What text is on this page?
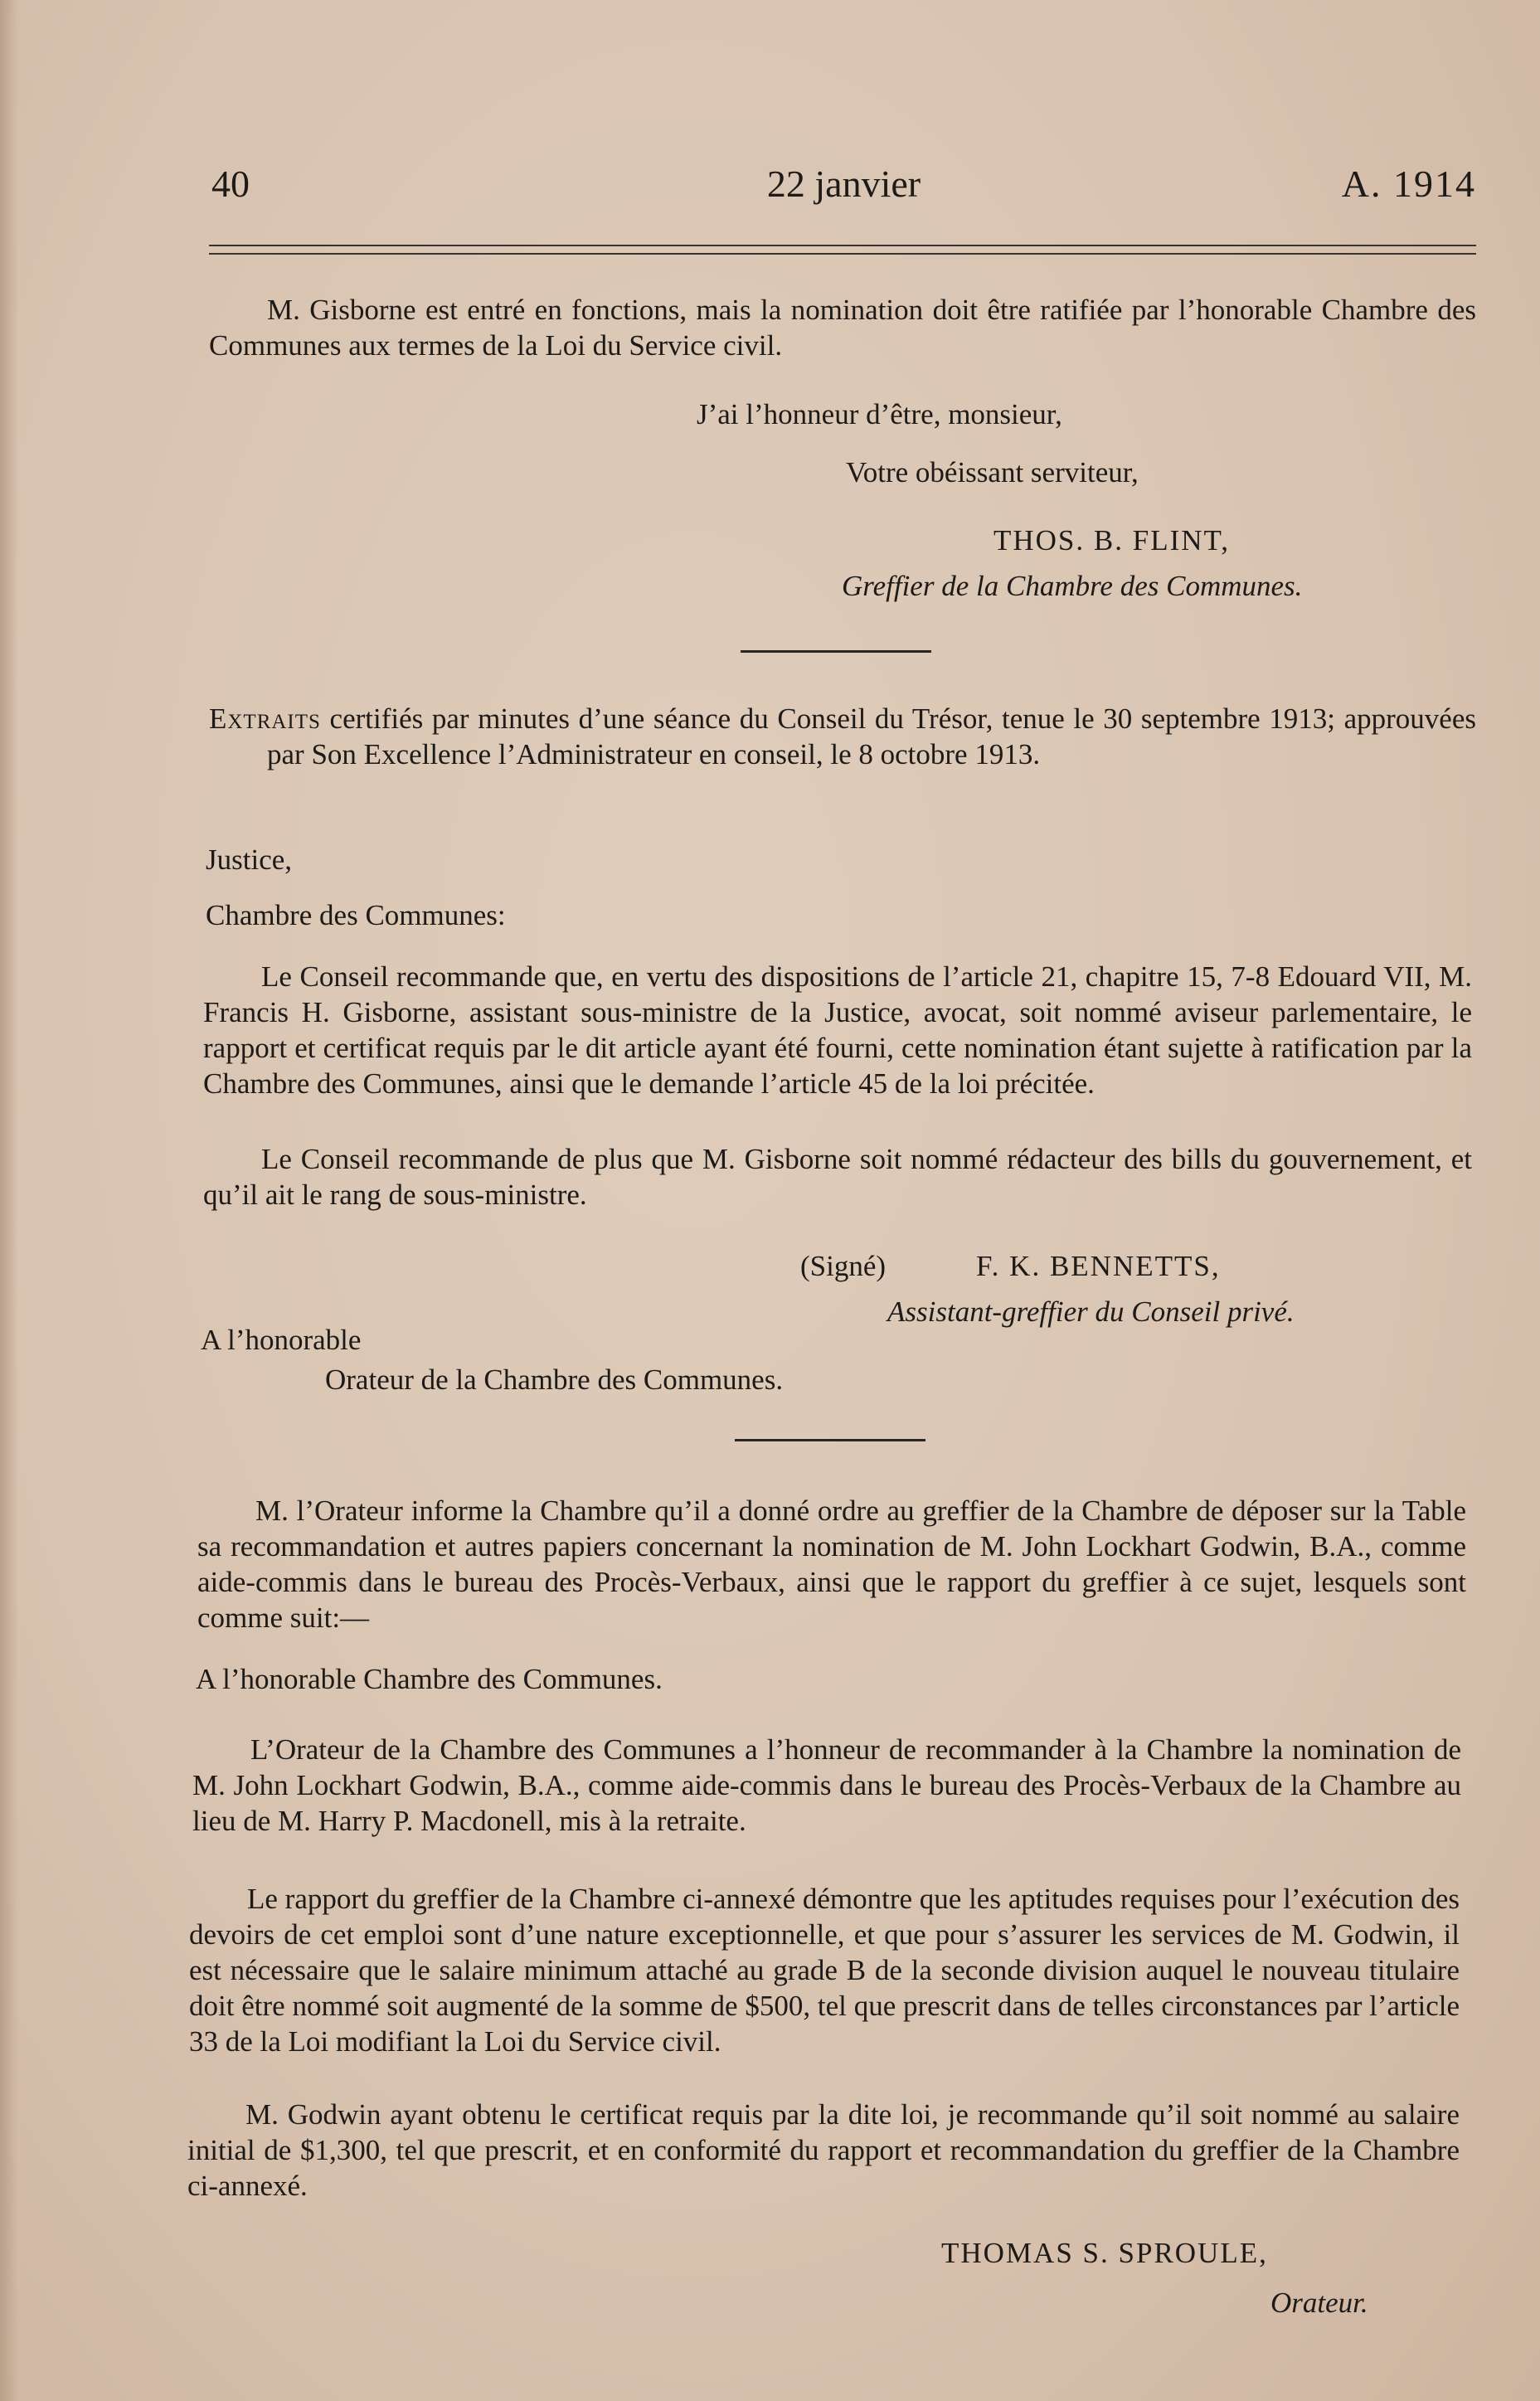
40	22 janvier	A. 1914
M. Gisborne est entré en fonctions, mais la nomination doit être ratifiée par l’honorable Chambre des Communes aux termes de la Loi du Service civil.
J’ai l’honneur d’être, monsieur,
Votre obéissant serviteur,
THOS. B. FLINT,
Greffier de la Chambre des Communes.
Extraits certifiés par minutes d’une séance du Conseil du Trésor, tenue le 30 septembre 1913; approuvées par Son Excellence l’Administrateur en conseil, le 8 octobre 1913.
Justice,
Chambre des Communes:
Le Conseil recommande que, en vertu des dispositions de l’article 21, chapitre 15, 7-8 Edouard VII, M. Francis H. Gisborne, assistant sous-ministre de la Justice, avocat, soit nommé aviseur parlementaire, le rapport et certificat requis par le dit article ayant été fourni, cette nomination étant sujette à ratification par la Chambre des Communes, ainsi que le demande l’article 45 de la loi précitée.
Le Conseil recommande de plus que M. Gisborne soit nommé rédacteur des bills du gouvernement, et qu’il ait le rang de sous-ministre.
(Signé)	F. K. BENNETTS,
Assistant-greffier du Conseil privé.
A l’honorable
Orateur de la Chambre des Communes.
M. l’Orateur informe la Chambre qu’il a donné ordre au greffier de la Chambre de déposer sur la Table sa recommandation et autres papiers concernant la nomination de M. John Lockhart Godwin, B.A., comme aide-commis dans le bureau des Procès-Verbaux, ainsi que le rapport du greffier à ce sujet, lesquels sont comme suit:—
A l’honorable Chambre des Communes.
L’Orateur de la Chambre des Communes a l’honneur de recommander à la Chambre la nomination de M. John Lockhart Godwin, B.A., comme aide-commis dans le bureau des Procès-Verbaux de la Chambre au lieu de M. Harry P. Macdonell, mis à la retraite.
Le rapport du greffier de la Chambre ci-annexé démontre que les aptitudes requises pour l’exécution des devoirs de cet emploi sont d’une nature exceptionnelle, et que pour s’assurer les services de M. Godwin, il est nécessaire que le salaire minimum attaché au grade B de la seconde division auquel le nouveau titulaire doit être nommé soit augmenté de la somme de $500, tel que prescrit dans de telles circonstances par l’article 33 de la Loi modifiant la Loi du Service civil.
M. Godwin ayant obtenu le certificat requis par la dite loi, je recommande qu’il soit nommé au salaire initial de $1,300, tel que prescrit, et en conformité du rapport et recommandation du greffier de la Chambre ci-annexé.
THOMAS S. SPROULE,
Orateur.
